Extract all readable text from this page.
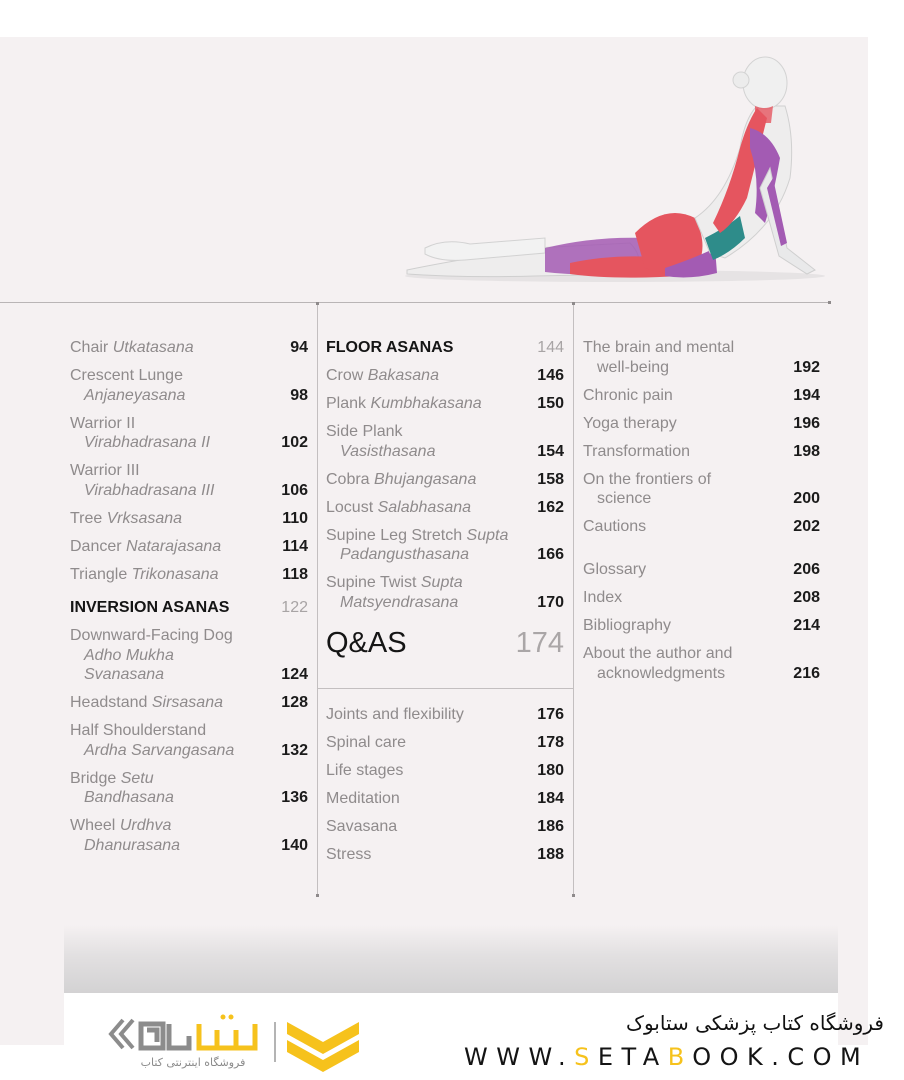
Chair Utkatasana	94
Crescent Lunge
Anjaneyasana	98
Warrior II
Virabhadrasana II	102
Warrior III
Virabhadrasana III	106
Tree Vrksasana	110
Dancer Natarajasana	114
Triangle Trikonasana	118
INVERSION ASANAS	122
Downward-Facing Dog
Adho Mukha
Svanasana	124
Headstand Sirsasana	128
Half Shoulderstand
Ardha Sarvangasana	132
Bridge Setu
Bandhasana	136
Wheel Urdhva
Dhanurasana	140
FLOOR ASANAS	144
Crow Bakasana	146
Plank Kumbhakasana	150
Side Plank
Vasisthasana	154
Cobra Bhujangasana	158
Locust Salabhasana	162
Supine Leg Stretch Supta
Padangusthasana	166
Supine Twist Supta
Matsyendrasana	170
Q&AS	174
Joints and flexibility	176
Spinal care	178
Life stages	180
Meditation	184
Savasana	186
Stress	188
The brain and mental
well-being	192
Chronic pain	194
Yoga therapy	196
Transformation	198
On the frontiers of
science	200
Cautions	202
Glossary	206
Index	208
Bibliography	214
About the author and
acknowledgments	216
فروشگاه اینترنتی کتاب
فروشگاه کتاب پزشکی ستابوک
WWW.SETABOOK.COM
